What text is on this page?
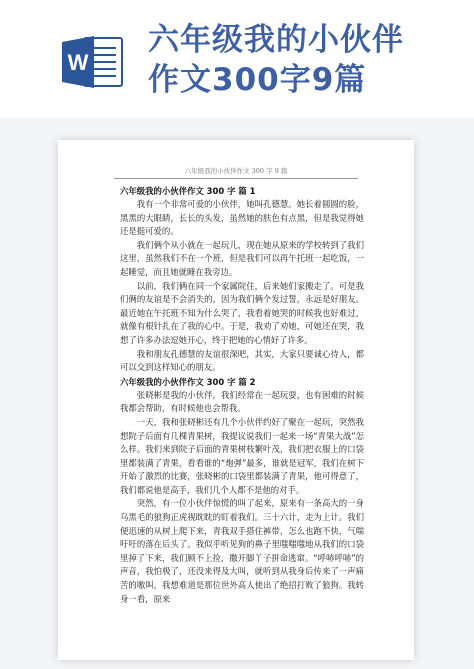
W
六年级我的小伙伴
作文300字9篇
六年级我的小伙伴作文 300 字 9 篇
六年级我的小伙伴作文 300 字 篇 1

我有一个非常可爱的小伙伴，她叫孔德慧。她长着圆圆的脸，黑黑的大眼睛，长长的头发，虽然她的肤色有点黑，但是我觉得她还是挺可爱的。

我们俩个从小就在一起玩儿，现在她从原来的学校转到了我们这里，虽然我们不在一个班，但是我们可以再午托班一起吃饭，一起睡觉，而且她就睡在我旁边。

以前，我们俩在同一个家属院住，后来她们家搬走了。可是我们俩的友谊是不会消失的，因为我们俩个发过誓，永远是好朋友。最近她在午托班不知为什么哭了，我看着她哭的时候我也好难过，就像有根针扎在了我的心中。于是，我劝了劝她，可她还在哭，我想了许多办法逗她开心，终于把她的心情好了许多。

我和朋友孔德慧的友谊很深吧，其实，大家只要诚心待人，都可以交到这样知心的朋友。

六年级我的小伙伴作文 300 字 篇 2

张晓彬是我的小伙伴，我们经常在一起玩耍，也有困难的时候我都会帮助，有时候他也会帮我。

一天，我和张晓彬还有几个小伙伴约好了聚在一起玩，突然我想院子后面有几棵青果树，我提议说我们一起来一场“青果大战”怎么样。我们来到院子后面的青果树枝繁叶茂，我们把衣服上的口袋里都装满了青果，看看谁的“炮弹”最多，谁就是冠军，我们在树下开始了激烈的比赛，张晓彬的口袋里都装满了青果，他可得意了，我们都说他是高手，我们几个人都不是他的对手。

突然，有一位小伙伴惊慌的叫了起来，原来有一条高大的一身乌黑毛的狼狗正虎视眈眈的盯着我们。三十六计，走为上计。我们便迅速的从树上爬下来，青我双手搭住裤带，怎么也跑不快，气喘吁吁的落在后头了。我似乎听见狗的鼻子里嗤嗤嗤地从我们的口袋里掉了下来，我们顾不上捡，撒开脚丫子拼命逃窜。“呼哧呼哧”的声音，我怕极了，还没来得及大叫，就听到从我身后传来了一声痛苦的嗷叫，我想难道是那位世外高人使出了绝招打败了狼狗。我转身一看，原来
